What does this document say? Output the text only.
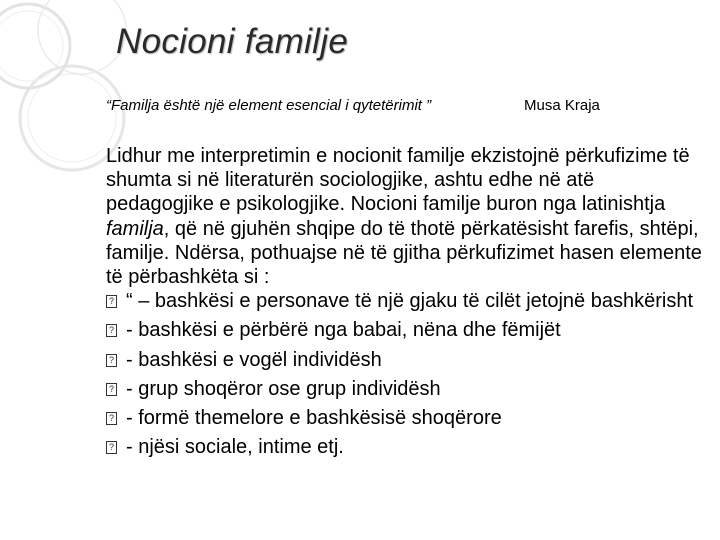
Nocioni familje
“Familja është një element esencial i qytetërimit ”	Musa Kraja

Lidhur me interpretimin e nocionit familje ekzistojnë përkufizime të shumta si në literaturën sociologjike, ashtu edhe në atë pedagogjike e psikologjike. Nocioni familje buron nga latinishtja familja, që në gjuhën shqipe do të thotë përkatësisht farefis, shtëpi, familje. Ndërsa, pothuajse në të gjitha përkufizimet hasen elemente të përbashkëta si :

? “ – bashkësi e personave të një gjaku të cilët jetojnë bashkërisht
? - bashkësi e përbërë nga babai, nëna dhe fëmijët
? - bashkësi e vogël individësh
? - grup shoqëror ose grup individësh
? - formë themelore e bashkësisë shoqërore
? - njësi sociale, intime etj.
